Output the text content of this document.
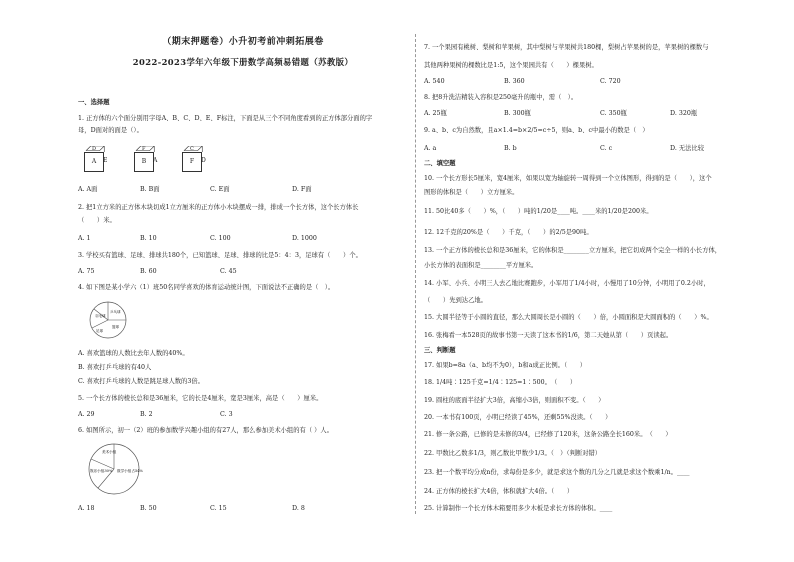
（期末押题卷）小升初考前冲刺拓展卷
2022-2023学年六年级下册数学高频易错题（苏教版）
一、选择题
1. 正方体的六个面分别用字母A、B、C、D、E、F标注，下面是从三个不同角度看到的正方体部分面的字
母，D面对的面是（）。
A
D
E	B
F
A	F
C
D
A. A面	B. B面	C. E面	D. F面
2. 把1立方米的正方体木块切成1立方厘米的正方体小木块摆成一排，排成一个长方体，这个长方体长
（　　）米。
A. 1	B. 10	C. 100	D. 1000
3. 学校买有篮球、足球、排球共180个，已知篮球、足球、排球的比是5：4：3，足球有（　　）个。
A. 75	B. 60	C. 45
4. 如下图是某小学六（1）班50名同学喜欢的体育运动统计图，下面说法不正确的是（　）。
羽毛球
乒乓球
篮球
足球
A. 喜欢篮球的人数比去年人数的40%。
B. 喜欢打乒乓球的有40人
C. 喜欢打乒乓球的人数是跳足球人数的3倍。
5. 一个长方体的棱长总和是36厘米，它的长是4厘米，宽是3厘米，高是（　　）厘米。
A. 29	B. 2	C. 3
6. 如图所示，初一（2）班的参加数学兴趣小组的有27人，那么参加美术小组的有（ ）人。
美术小组
数学小组占54%
娱乐小组30%
A. 18	B. 50	C. 15	D. 8
7. 一个果园有桃树、梨树和苹果树，其中梨树与苹果树共180棵，梨树占苹果树的是，苹果树的棵数与
其他两种果树的棵数比是1:5，这个果园共有（　　）棵果树。
A. 540	B. 360	C. 720
8. 把8升洗洁精装入容积是250毫升的瓶中，需（　）。
A. 25瓶	B. 300瓶	C. 350瓶	D. 320瓶
9. a、b、c为自然数，且a×1.4=b×2/5=c÷5，则a、b、c中最小的数是（　）
A. a	B. b	C. c	D. 无法比较
二、填空题
10. 一个长方形长5厘米，宽4厘米，如果以宽为轴旋转一周得到一个立体图形，得到的是（　　），这个
图形的体积是（　　）立方厘米。
11. 50比40多（　　）%，（　　）吨的1/20是____吨。____米的1/20是200米。
12. 12千克的20%是（　　）千克，（　　）的2/5是90吨。
13. 一个正方体的棱长总和是36厘米，它的体积是________立方厘米，把它切成两个完全一样的小长方体，
小长方体的表面积是________平方厘米。
14. 小军、小兵、小明三人去乙地比赛跑步，小军用了1/4小时，小慢用了10分钟，小明用了0.2小时，
（　　）先到达乙地。
15. 大圆半径等于小圆的直径，那么大圆周长是小圆的（　　）倍，小圆面积是大圆面积的（　　）%。
16. 张梅看一本528页的故事书第一天读了这本书的1/6，第二天她从第（　　）页读起。
三、判断题
17. 如果b=8a（a、b均不为0），b和a成正比例。（　　）
18. 1/4吨∶125千克=1/4∶125=1∶500。　（　　）
19. 圆柱的底面半径扩大3倍，高缩小3倍，则面积不变。（　　）
20. 一本书有100页，小明已经读了45%，还剩55%没读。（　　）
21. 修一条公路，已修的是未修的3/4，已经修了120米，这条公路全长160米。　（　　）
22. 甲数比乙数多1/3，则乙数比甲数少1/3。（　）（判断对错）
23. 把一个数平均分成n份，求每份是多少，就是求这个数的几分之几就是求这个数乘1/n。____
24. 正方体的棱长扩大4倍，体积就扩大4倍。（　　）
25. 计算制作一个长方体木箱要用多少木板是求长方体的体积。____
